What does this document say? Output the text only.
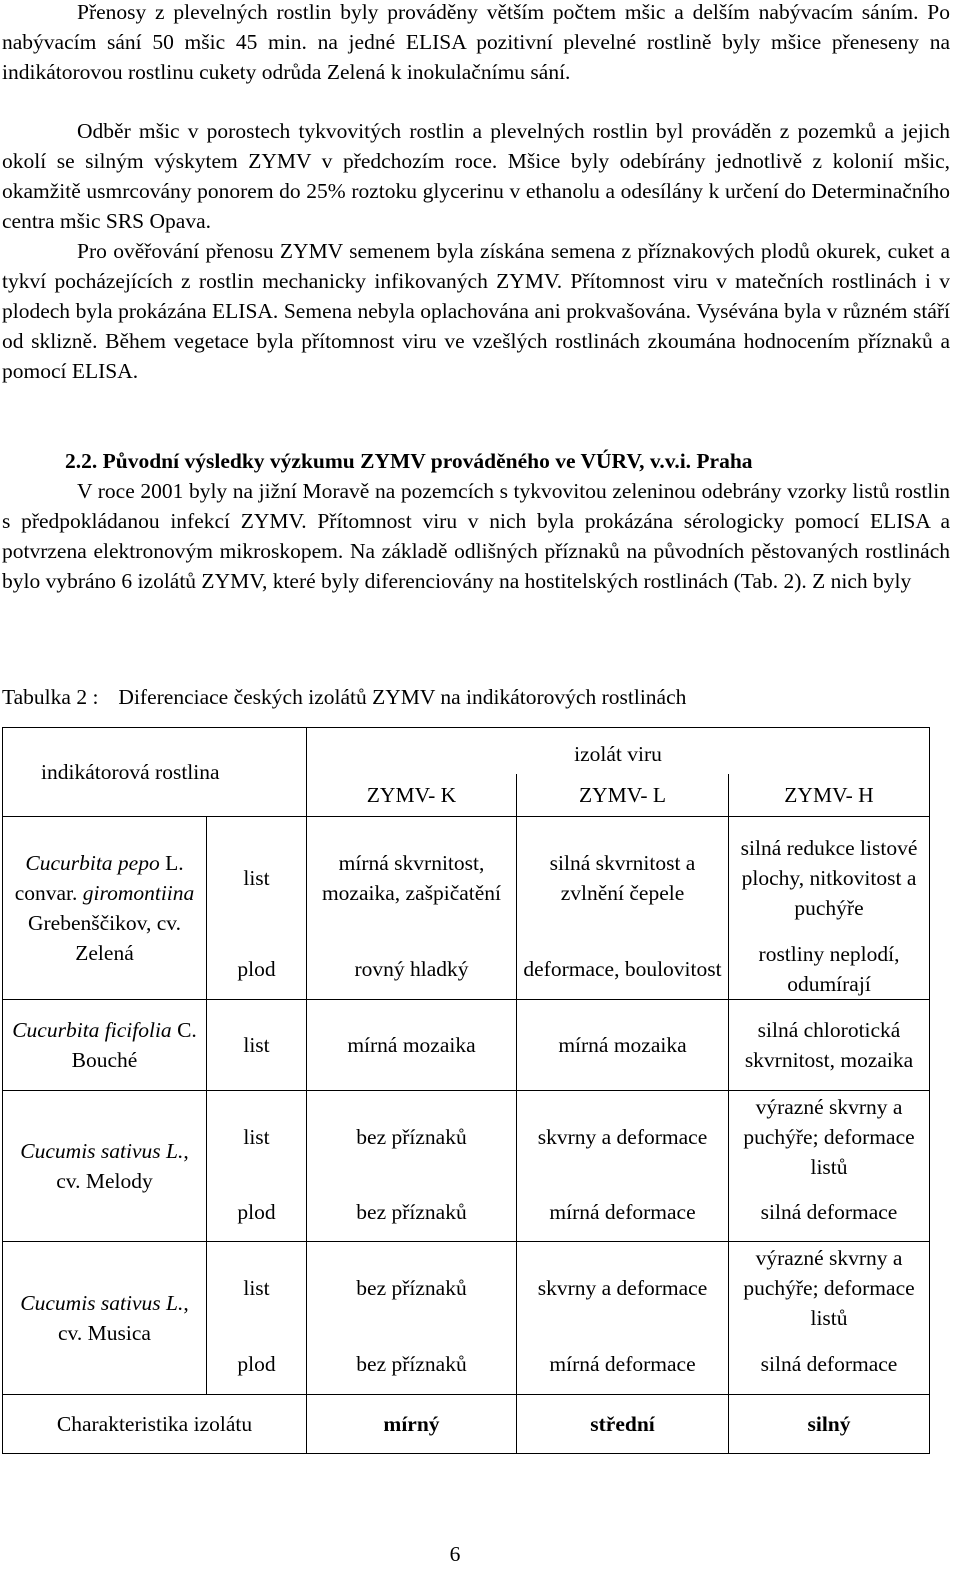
Přenosy z plevelných rostlin byly prováděny větším počtem mšic a delším nabývacím sáním. Po nabývacím sání 50 mšic 45 min. na jedné ELISA pozitivní plevelné rostlině byly mšice přeneseny na indikátorovou rostlinu cukety odrůda Zelená k inokulačnímu sání.

Odběr mšic v porostech tykvovitých rostlin a plevelných rostlin byl prováděn z pozemků a jejich okolí se silným výskytem ZYMV v předchozím roce. Mšice byly odebírány jednotlivě z kolonií mšic, okamžitě usmrcovány ponorem do 25% roztoku glycerinu v ethanolu a odesílány k určení do Determinačního centra mšic SRS Opava.

Pro ověřování přenosu ZYMV semenem byla získána semena z příznakových plodů okurek, cuket a tykví pocházejících z rostlin mechanicky infikovaných ZYMV. Přítomnost viru v matečních rostlinách i v plodech byla prokázána ELISA. Semena nebyla oplachována ani prokvašována. Vysévána byla v různém stáří od sklizně. Během vegetace byla přítomnost viru ve vzešlých rostlinách zkoumána hodnocením příznaků a pomocí ELISA.

2.2. Původní výsledky výzkumu ZYMV prováděného ve VÚRV, v.v.i. Praha

V roce 2001 byly na jižní Moravě na pozemcích s tykvovitou zeleninou odebrány vzorky listů rostlin s předpokládanou infekcí ZYMV. Přítomnost viru v nich byla prokázána sérologicky pomocí ELISA a potvrzena elektronovým mikroskopem. Na základě odlišných příznaků na původních pěstovaných rostlinách bylo vybráno 6 izolátů ZYMV, které byly diferenciovány na hostitelských rostlinách (Tab. 2). Z nich byly

Tabulka 2 : Diferenciace českých izolátů ZYMV na indikátorových rostlinách
indikátorová rostlina		izolát viru		
		ZYMV- K	ZYMV- L	ZYMV- H
Cucurbita pepo L. convar. giromontiina Grebenščikov, cv. Zelená	list	mírná skvrnitost, mozaika, zašpičatění	silná skvrnitost a zvlnění čepele	silná redukce listové plochy, nitkovitost a puchýře
	plod	rovný hladký	deformace, boulovitost	rostliny neplodí, odumírají
Cucurbita ficifolia C. Bouché	list	mírná mozaika	mírná mozaika	silná chlorotická skvrnitost, mozaika
Cucumis sativus L.,
cv. Melody	list	bez příznaků	skvrny a deformace	výrazné skvrny a puchýře; deformace listů
	plod	bez příznaků	mírná deformace	silná deformace
Cucumis sativus L.,
cv. Musica	list	bez příznaků	skvrny a deformace	výrazné skvrny a puchýře; deformace listů
	plod	bez příznaků	mírná deformace	silná deformace
Charakteristika izolátu		mírný	střední	silný
6
